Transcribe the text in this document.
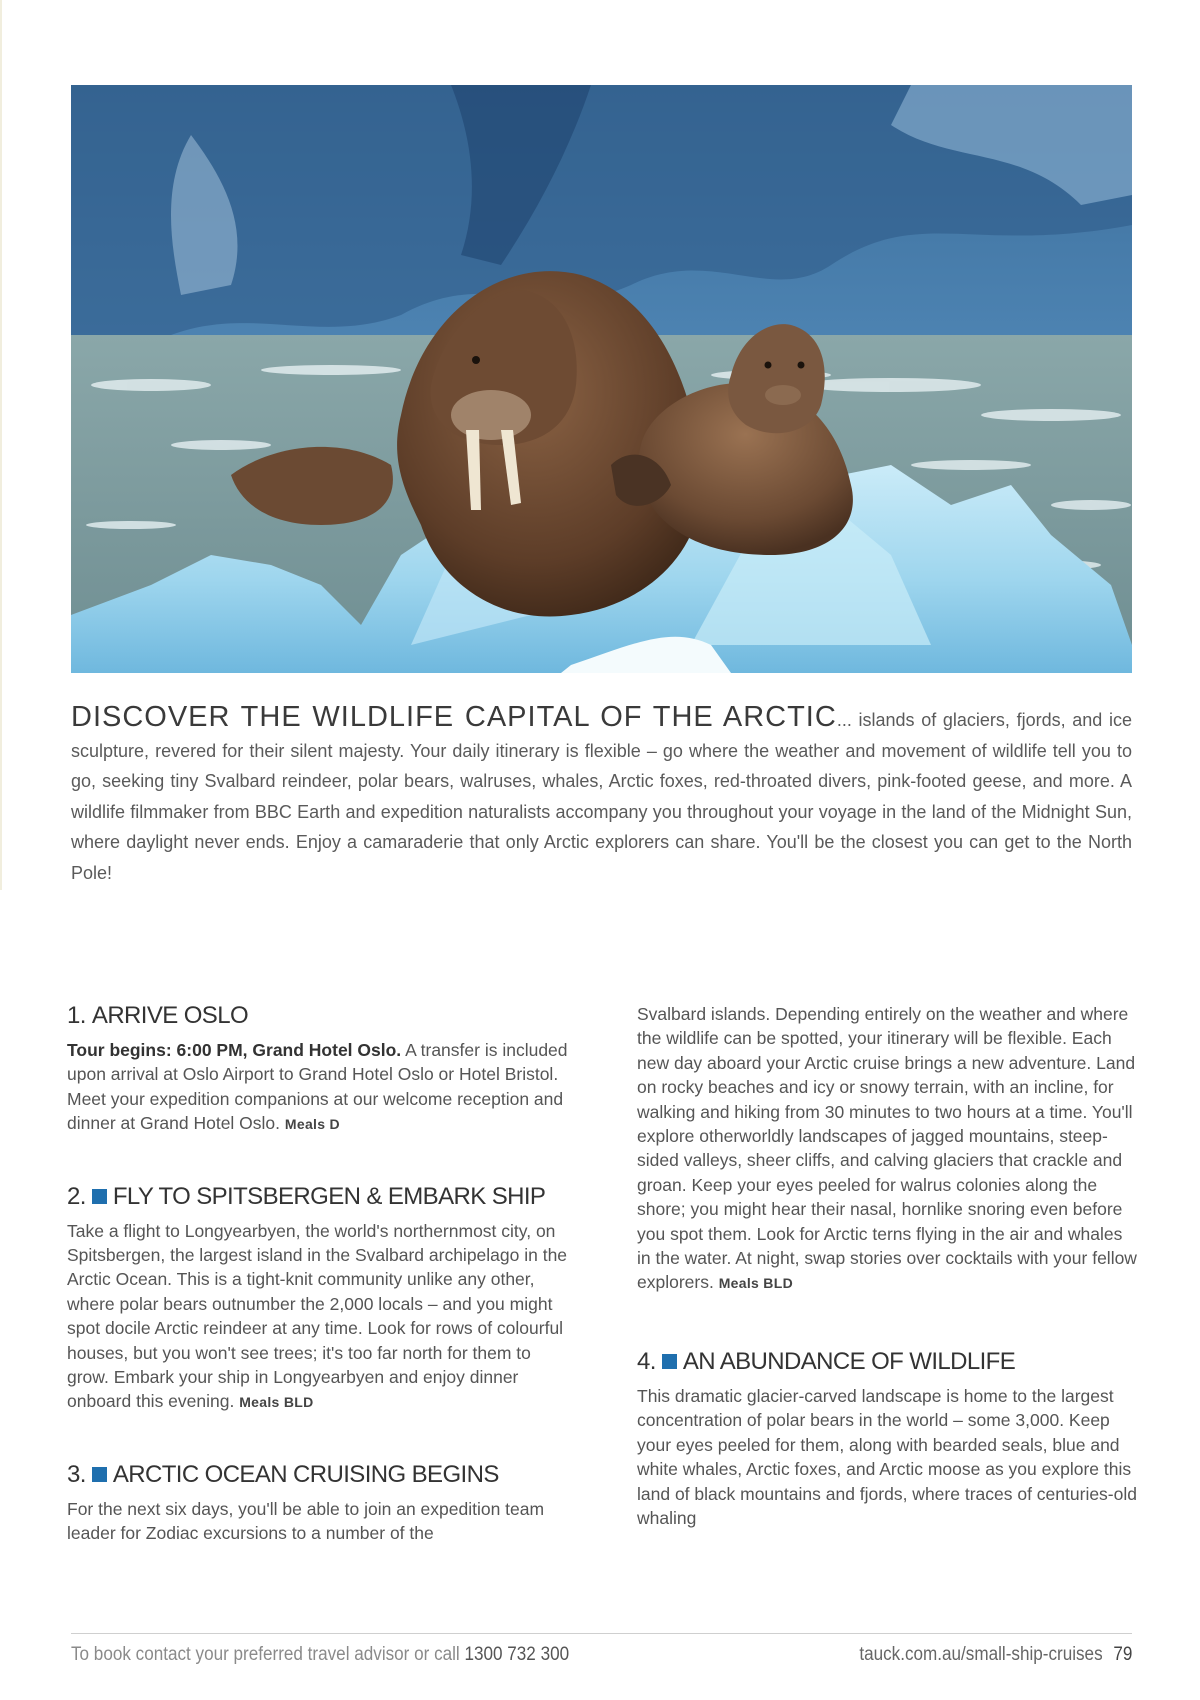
DISCOVER THE WILDLIFE CAPITAL OF THE ARCTIC... islands of glaciers, fjords, and ice sculpture, revered for their silent majesty. Your daily itinerary is flexible – go where the weather and movement of wildlife tell you to go, seeking tiny Svalbard reindeer, polar bears, walruses, whales, Arctic foxes, red-throated divers, pink-footed geese, and more. A wildlife filmmaker from BBC Earth and expedition naturalists accompany you throughout your voyage in the land of the Midnight Sun, where daylight never ends. Enjoy a camaraderie that only Arctic explorers can share. You'll be the closest you can get to the North Pole!
1.
ARRIVE OSLO

Tour begins: 6:00 PM, Grand Hotel Oslo. A transfer is included upon arrival at Oslo Airport to Grand Hotel Oslo or Hotel Bristol. Meet your expedition companions at our welcome reception and dinner at Grand Hotel Oslo. Meals D

2. FLY TO SPITSBERGEN & EMBARK SHIP

Take a flight to Longyearbyen, the world's northernmost city, on Spitsbergen, the largest island in the Svalbard archipelago in the Arctic Ocean. This is a tight-knit community unlike any other, where polar bears outnumber the 2,000 locals – and you might spot docile Arctic reindeer at any time. Look for rows of colourful houses, but you won't see trees; it's too far north for them to grow. Embark your ship in Longyearbyen and enjoy dinner onboard this evening. Meals BLD

3. ARCTIC OCEAN CRUISING BEGINS

For the next six days, you'll be able to join an expedition team leader for Zodiac excursions to a number of the

Svalbard islands. Depending entirely on the weather and where the wildlife can be spotted, your itinerary will be flexible. Each new day aboard your Arctic cruise brings a new adventure. Land on rocky beaches and icy or snowy terrain, with an incline, for walking and hiking from 30 minutes to two hours at a time. You'll explore otherworldly landscapes of jagged mountains, steep-sided valleys, sheer cliffs, and calving glaciers that crackle and groan. Keep your eyes peeled for walrus colonies along the shore; you might hear their nasal, hornlike snoring even before you spot them. Look for Arctic terns flying in the air and whales in the water. At night, swap stories over cocktails with your fellow explorers. Meals BLD

4. AN ABUNDANCE OF WILDLIFE

This dramatic glacier-carved landscape is home to the largest concentration of polar bears in the world – some 3,000. Keep your eyes peeled for them, along with bearded seals, blue and white whales, Arctic foxes, and Arctic moose as you explore this land of black mountains and fjords, where traces of centuries-old whaling

To book contact your preferred travel advisor or call 1300 732 300	tauck.com.au/small-ship-cruises 79
